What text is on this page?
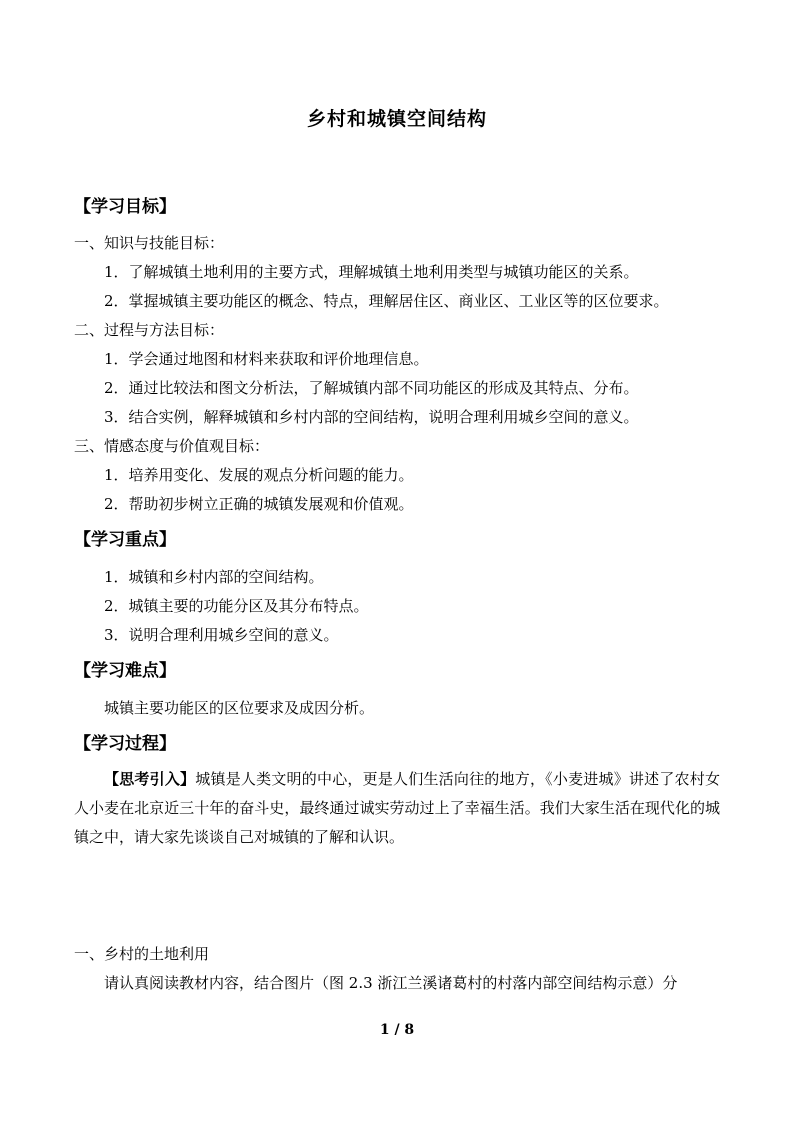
乡村和城镇空间结构
【学习目标】
一、知识与技能目标：
1．了解城镇土地利用的主要方式，理解城镇土地利用类型与城镇功能区的关系。
2．掌握城镇主要功能区的概念、特点，理解居住区、商业区、工业区等的区位要求。
二、过程与方法目标：
1．学会通过地图和材料来获取和评价地理信息。
2．通过比较法和图文分析法，了解城镇内部不同功能区的形成及其特点、分布。
3．结合实例，解释城镇和乡村内部的空间结构，说明合理利用城乡空间的意义。
三、情感态度与价值观目标：
1．培养用变化、发展的观点分析问题的能力。
2．帮助初步树立正确的城镇发展观和价值观。
【学习重点】
1．城镇和乡村内部的空间结构。
2．城镇主要的功能分区及其分布特点。
3．说明合理利用城乡空间的意义。
【学习难点】
城镇主要功能区的区位要求及成因分析。
【学习过程】
【思考引入】城镇是人类文明的中心，更是人们生活向往的地方，《小麦进城》讲述了农村女人小麦在北京近三十年的奋斗史，最终通过诚实劳动过上了幸福生活。我们大家生活在现代化的城镇之中，请大家先谈谈自己对城镇的了解和认识。
一、乡村的土地利用
请认真阅读教材内容，结合图片（图 2.3 浙江兰溪诸葛村的村落内部空间结构示意）分
1 / 8
